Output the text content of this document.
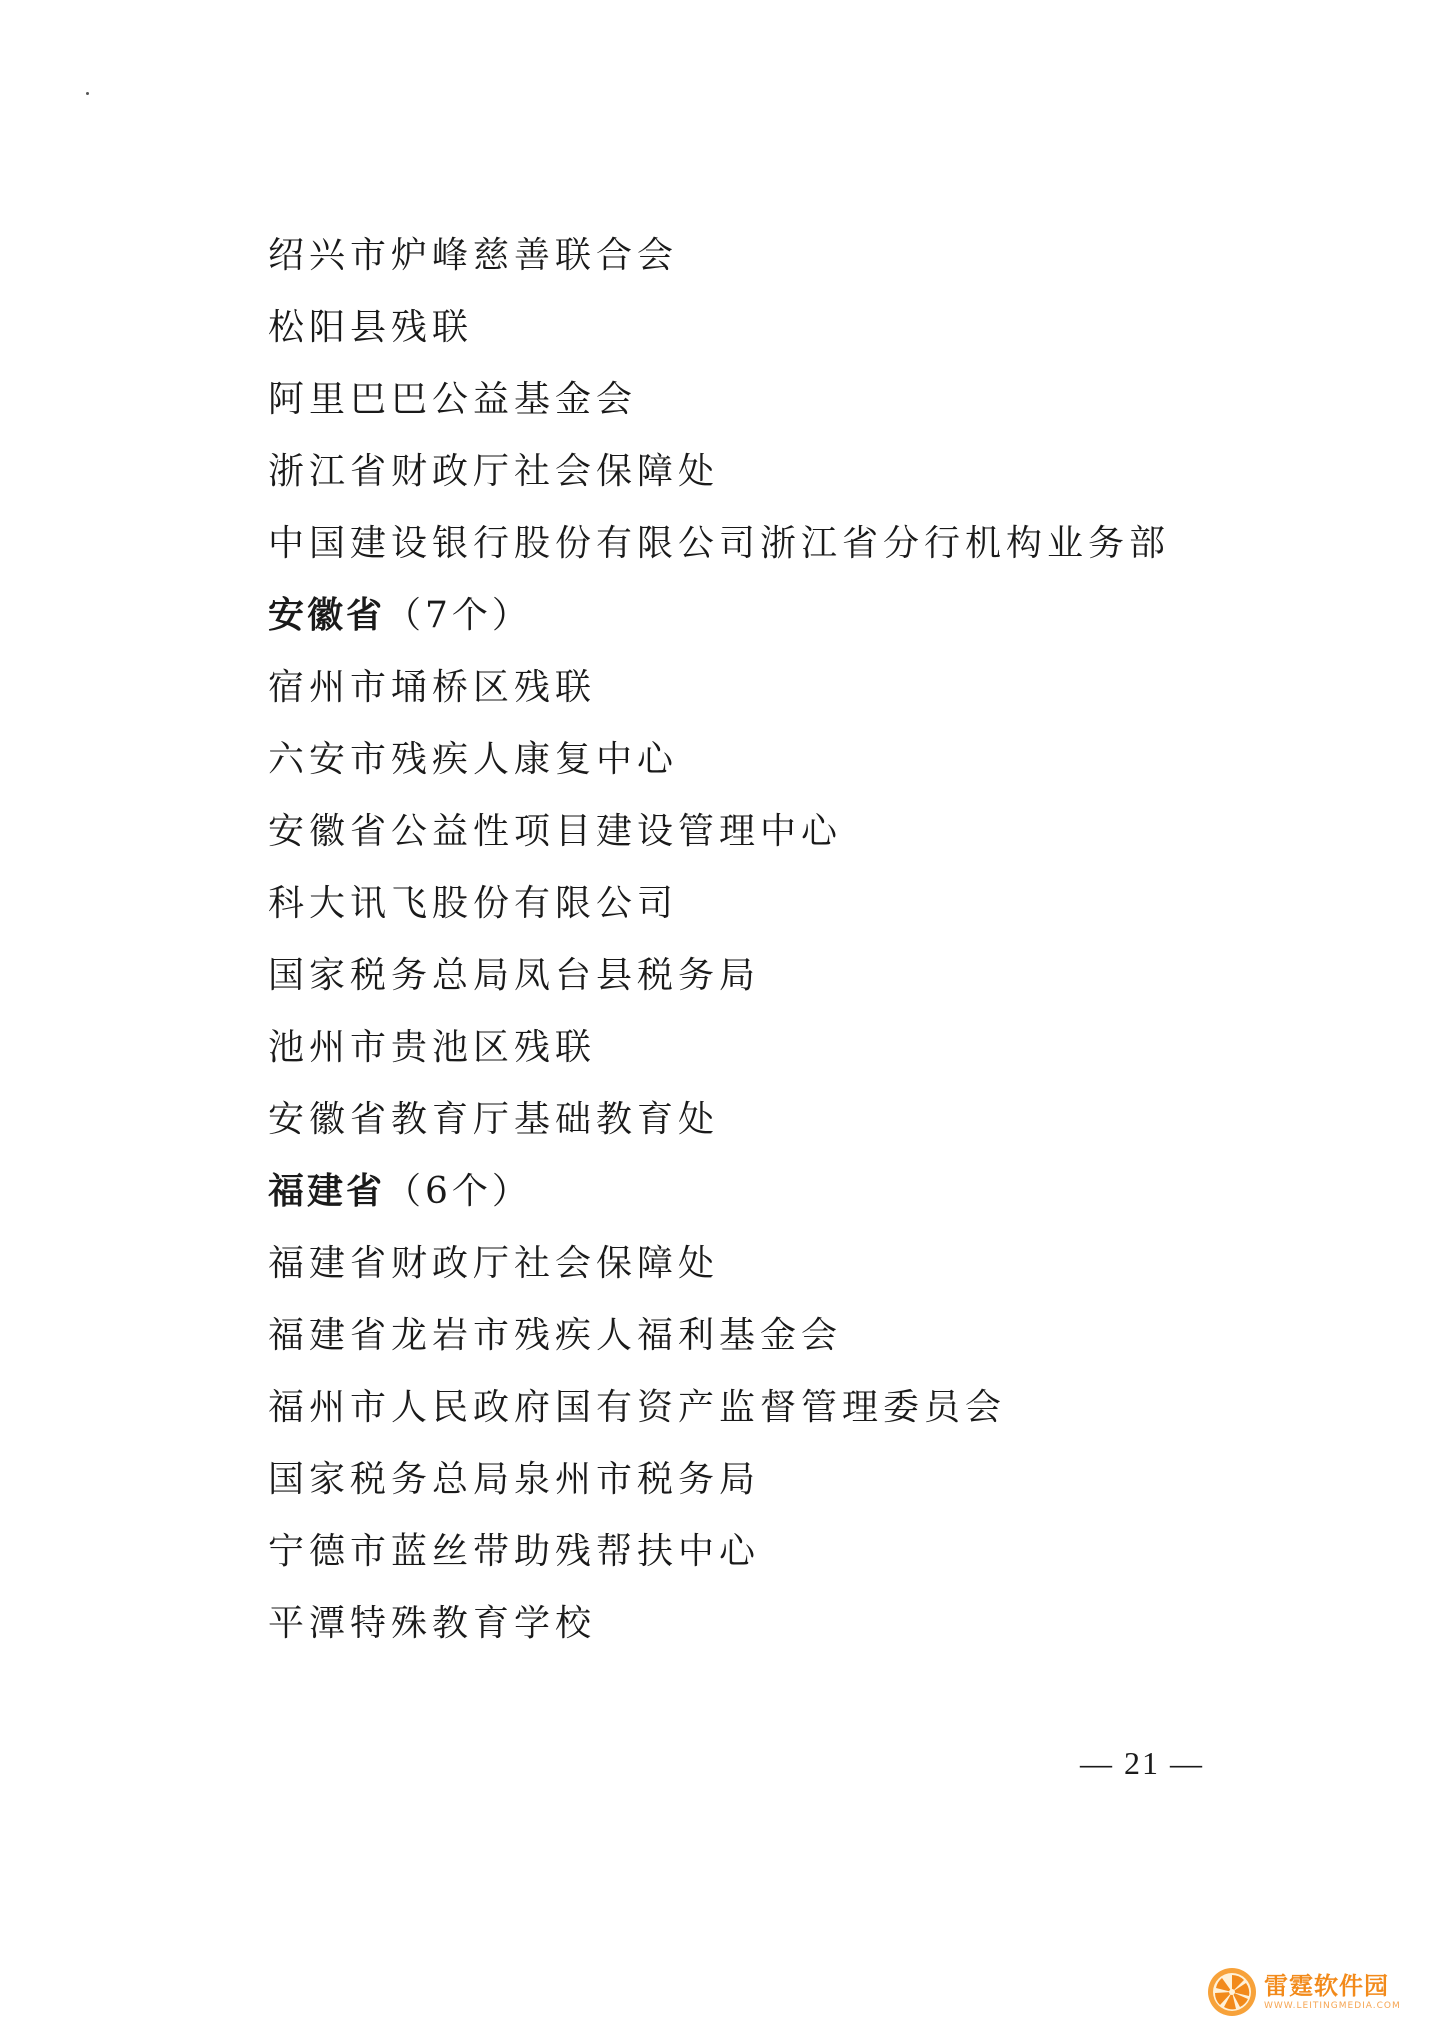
绍兴市炉峰慈善联合会
松阳县残联
阿里巴巴公益基金会
浙江省财政厅社会保障处
中国建设银行股份有限公司浙江省分行机构业务部
安徽省（7个）
宿州市埇桥区残联
六安市残疾人康复中心
安徽省公益性项目建设管理中心
科大讯飞股份有限公司
国家税务总局凤台县税务局
池州市贵池区残联
安徽省教育厅基础教育处
福建省（6个）
福建省财政厅社会保障处
福建省龙岩市残疾人福利基金会
福州市人民政府国有资产监督管理委员会
国家税务总局泉州市税务局
宁德市蓝丝带助残帮扶中心
平潭特殊教育学校
— 21 —
雷霆软件园
WWW.LEITINGMEDIA.COM
